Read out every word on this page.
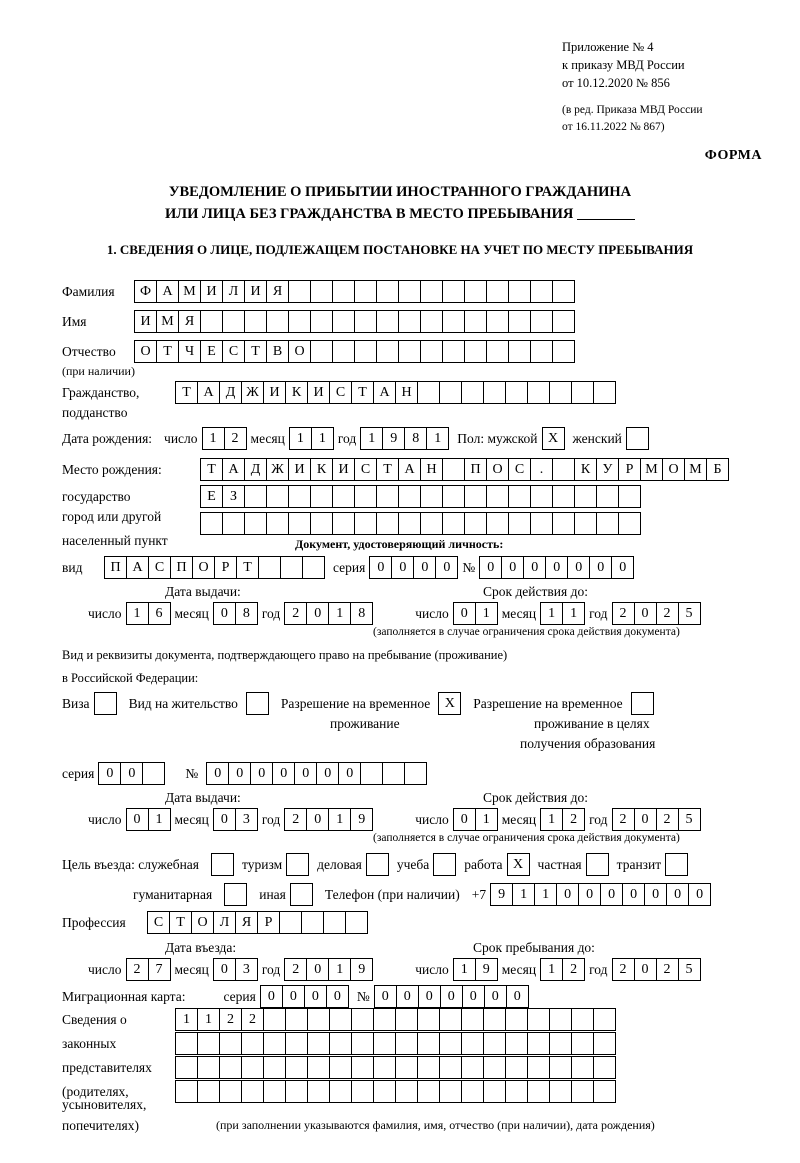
Приложение № 4
к приказу МВД России
от 10.12.2020 № 856
(в ред. Приказа МВД России
от 16.11.2022 № 867)
ФОРМА
УВЕДОМЛЕНИЕ О ПРИБЫТИИ ИНОСТРАННОГО ГРАЖДАНИНА
ИЛИ ЛИЦА БЕЗ ГРАЖДАНСТВА В МЕСТО ПРЕБЫВАНИЯ
1. СВЕДЕНИЯ О ЛИЦЕ, ПОДЛЕЖАЩЕМ ПОСТАНОВКЕ НА УЧЕТ ПО МЕСТУ ПРЕБЫВАНИЯ
Фамилия	Ф А М И Л И Я
Имя	И М Я
Отчество	О Т Ч Е С Т В О
(при наличии)
Гражданство,	Т А Д Ж И К И С Т А Н
подданство
Дата рождения: число 1	2 месяц 1	1 год 1	9	8	1	Пол: мужской X	женский
Место рождения:	Т А Д Ж И К И С Т А Н	П О С	.	К У Р М О М Б
государство	Е	З
город или другой
населенный пункт	Документ, удостоверяющий личность:
вид	П А С П О Р Т	серия 0	0	0	0 № 0	0	0	0	0	0	0
Дата выдачи:	Срок действия до:
число 1	6 месяц 0	8 год 2	0	1	8	число 0	1 месяц 1	1 год 2	0	2	5
(заполняется в случае ограничения срока действия документа)
Вид и реквизиты документа, подтверждающего право на пребывание (проживание)
в Российской Федерации:
Виза	Вид на жительство	Разрешение на временное	X	Разрешение на временное
проживание	проживание в целях
получения образования
серия 0	0	№	0	0	0	0	0	0	0
Дата выдачи:	Срок действия до:
число 0	1 месяц 0	3 год 2	0	1	9	число 0	1 месяц 1	2 год 2	0	2	5
(заполняется в случае ограничения срока действия документа)
Цель въезда: служебная	туризм	деловая	учеба	работа X	частная	транзит
гуманитарная	иная	Телефон (при наличии) +7 9	1	1	0	0	0	0	0	0	0
Профессия	С Т О Л Я Р
Дата въезда:	Срок пребывания до:
число 2	7 месяц 0	3 год 2	0	1	9	число 1	9 месяц 1	2 год 2	0	2	5
Миграционная карта:	серия 0	0	0	0	№ 0	0	0	0	0	0	0
Сведения о	1	1	2	2
законных
представителях
(родителях,
усыновителях,
попечителях)	(при заполнении указываются фамилия, имя, отчество (при наличии), дата рождения)
